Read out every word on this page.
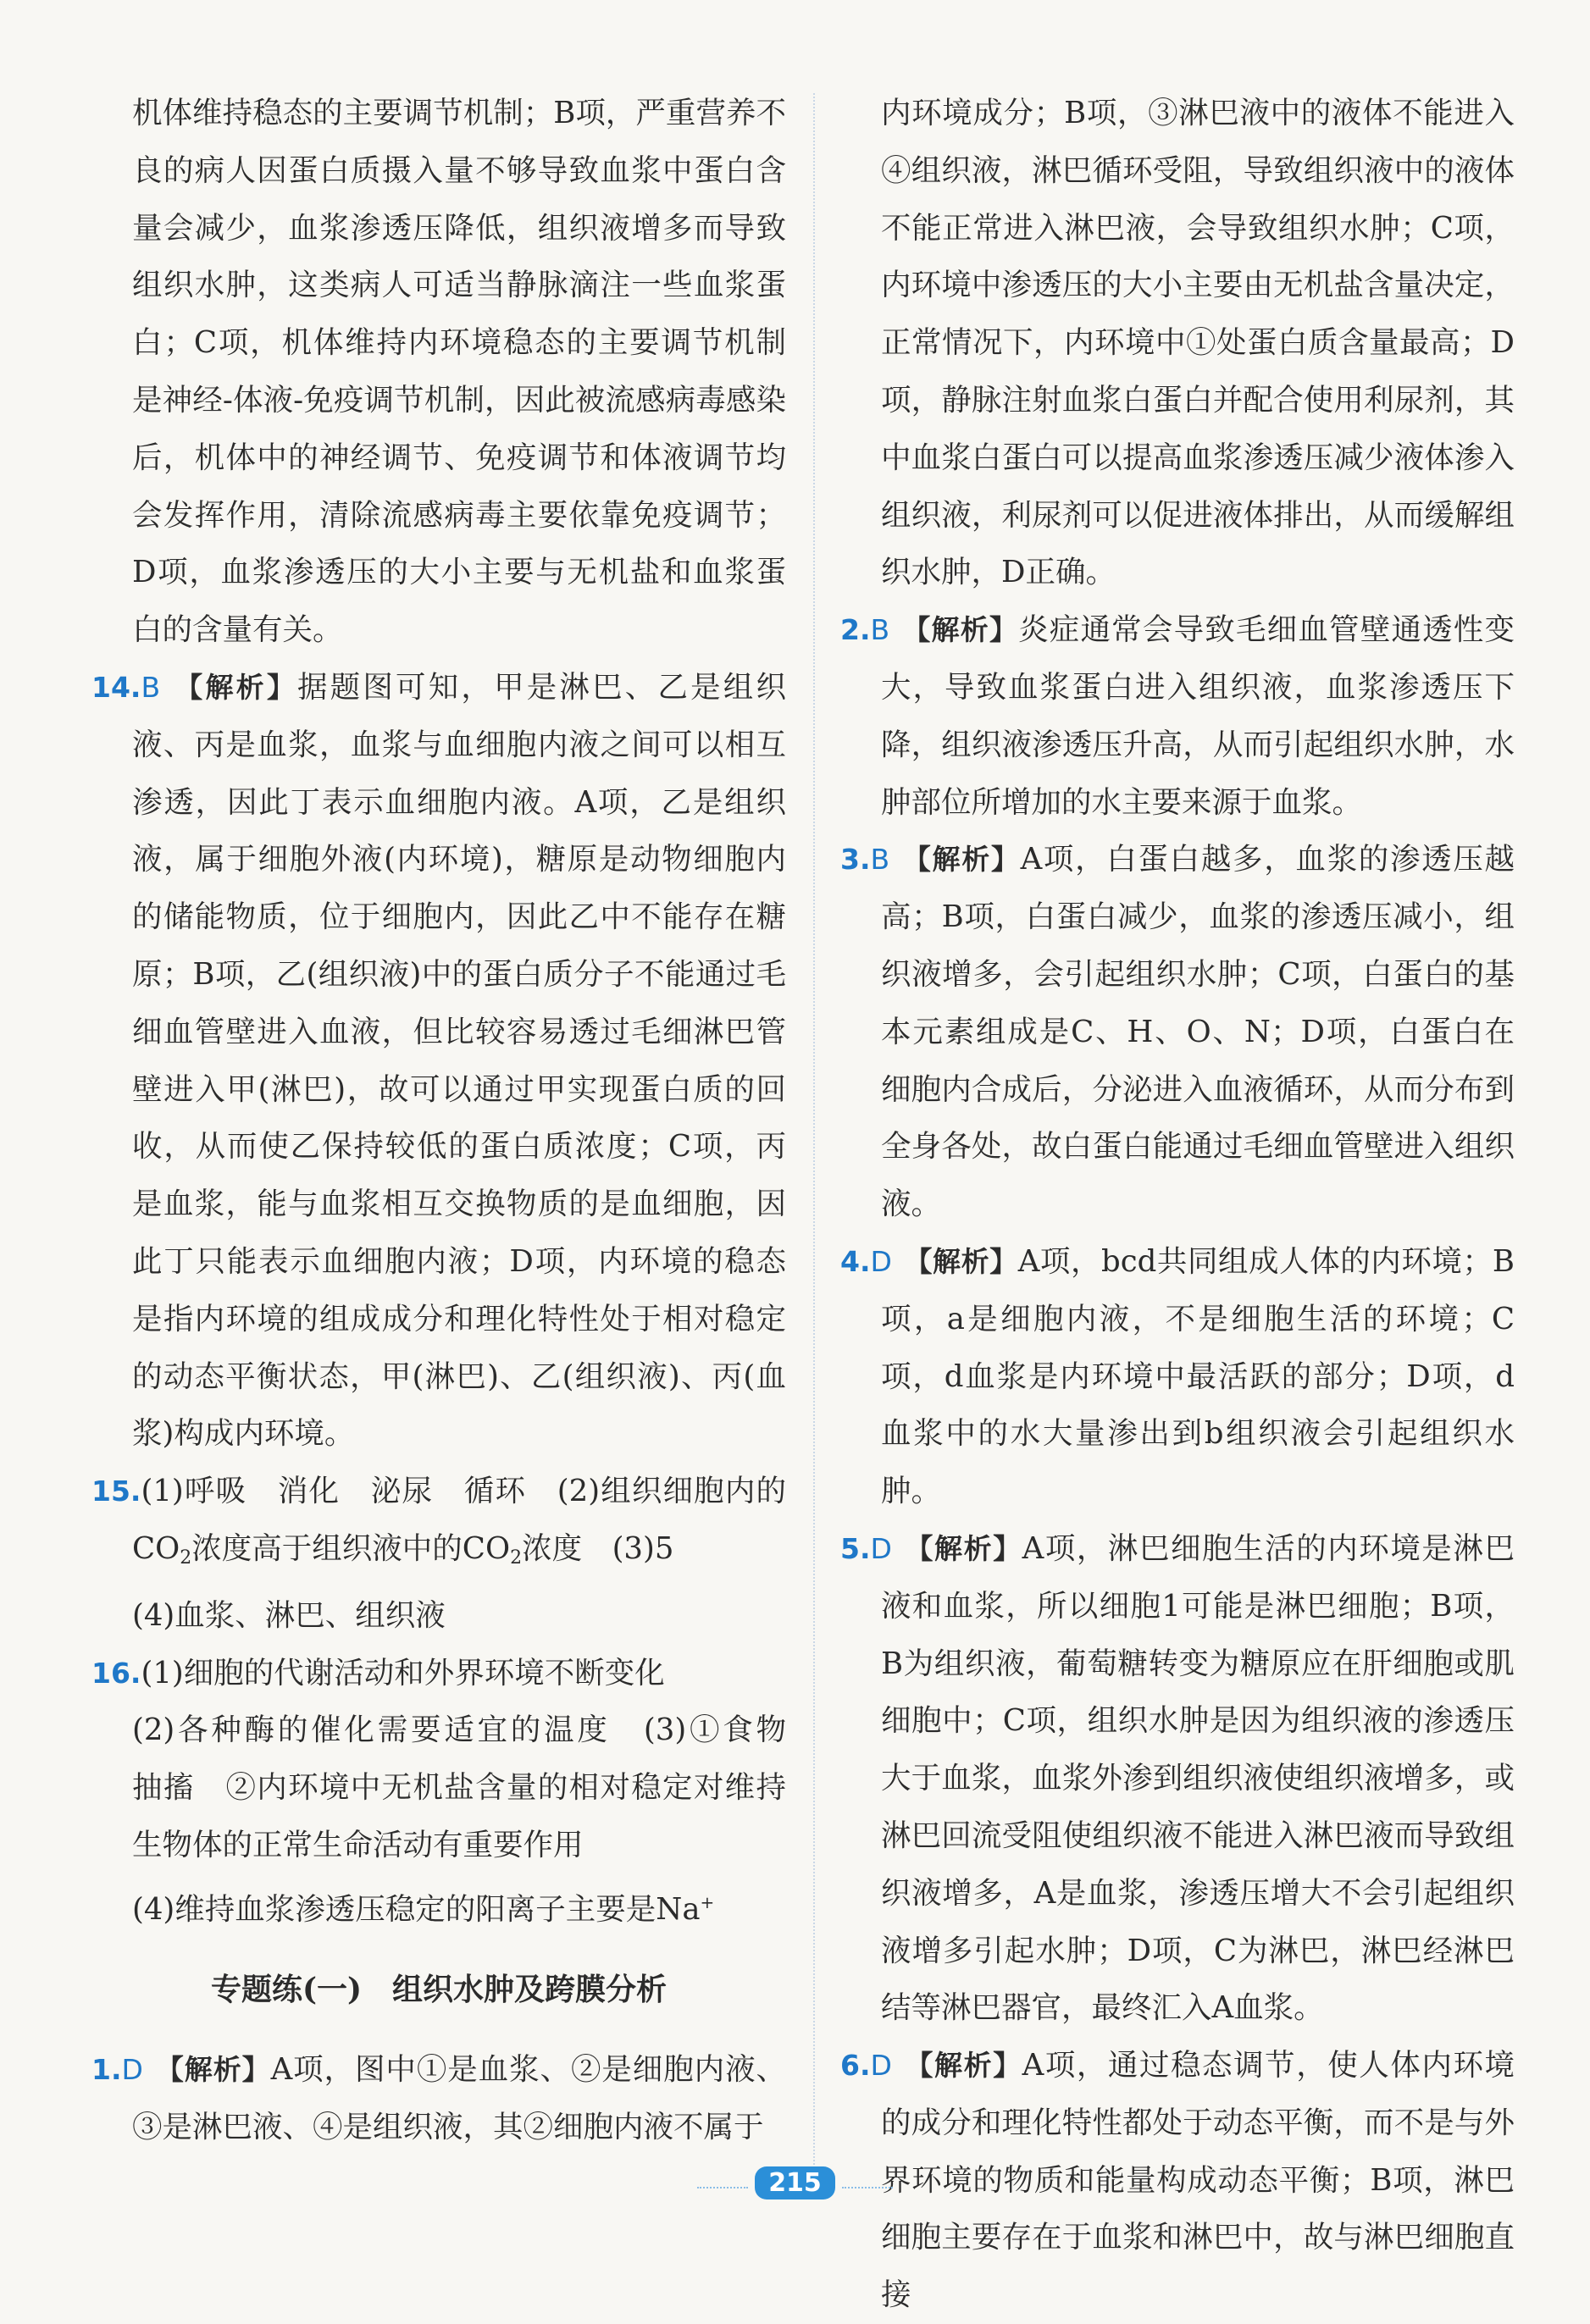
机体维持稳态的主要调节机制；B项，严重营养不良的病人因蛋白质摄入量不够导致血浆中蛋白含量会减少，血浆渗透压降低，组织液增多而导致组织水肿，这类病人可适当静脉滴注一些血浆蛋白；C项，机体维持内环境稳态的主要调节机制是神经-体液-免疫调节机制，因此被流感病毒感染后，机体中的神经调节、免疫调节和体液调节均会发挥作用，清除流感病毒主要依靠免疫调节；D项，血浆渗透压的大小主要与无机盐和血浆蛋白的含量有关。

14.B 【解析】据题图可知，甲是淋巴、乙是组织液、丙是血浆，血浆与血细胞内液之间可以相互渗透，因此丁表示血细胞内液。A项，乙是组织液，属于细胞外液(内环境)，糖原是动物细胞内的储能物质，位于细胞内，因此乙中不能存在糖原；B项，乙(组织液)中的蛋白质分子不能通过毛细血管壁进入血液，但比较容易透过毛细淋巴管壁进入甲(淋巴)，故可以通过甲实现蛋白质的回收，从而使乙保持较低的蛋白质浓度；C项，丙是血浆，能与血浆相互交换物质的是血细胞，因此丁只能表示血细胞内液；D项，内环境的稳态是指内环境的组成成分和理化特性处于相对稳定的动态平衡状态，甲(淋巴)、乙(组织液)、丙(血浆)构成内环境。

15.(1)呼吸　消化　泌尿　循环　(2)组织细胞内的$CO_2$浓度高于组织液中的$CO_2$浓度　(3)5

(4)血浆、淋巴、组织液

16.(1)细胞的代谢活动和外界环境不断变化

(2)各种酶的催化需要适宜的温度　(3)①食物　抽搐　②内环境中无机盐含量的相对稳定对维持生物体的正常生命活动有重要作用

(4)维持血浆渗透压稳定的阳离子主要是Na+

专题练(一)　组织水肿及跨膜分析

1.D 【解析】A项，图中①是血浆、②是细胞内液、③是淋巴液、④是组织液，其②细胞内液不属于

内环境成分；B项，③淋巴液中的液体不能进入④组织液，淋巴循环受阻，导致组织液中的液体不能正常进入淋巴液，会导致组织水肿；C项，内环境中渗透压的大小主要由无机盐含量决定，正常情况下，内环境中①处蛋白质含量最高；D项，静脉注射血浆白蛋白并配合使用利尿剂，其中血浆白蛋白可以提高血浆渗透压减少液体渗入组织液，利尿剂可以促进液体排出，从而缓解组织水肿，D正确。

2.B 【解析】炎症通常会导致毛细血管壁通透性变大，导致血浆蛋白进入组织液，血浆渗透压下降，组织液渗透压升高，从而引起组织水肿，水肿部位所增加的水主要来源于血浆。

3.B 【解析】A项，白蛋白越多，血浆的渗透压越高；B项，白蛋白减少，血浆的渗透压减小，组织液增多，会引起组织水肿；C项，白蛋白的基本元素组成是C、H、O、N；D项，白蛋白在细胞内合成后，分泌进入血液循环，从而分布到全身各处，故白蛋白能通过毛细血管壁进入组织液。

4.D 【解析】A项，bcd共同组成人体的内环境；B项，a是细胞内液，不是细胞生活的环境；C项，d血浆是内环境中最活跃的部分；D项，d血浆中的水大量渗出到b组织液会引起组织水肿。

5.D 【解析】A项，淋巴细胞生活的内环境是淋巴液和血浆，所以细胞1可能是淋巴细胞；B项，B为组织液，葡萄糖转变为糖原应在肝细胞或肌细胞中；C项，组织水肿是因为组织液的渗透压大于血浆，血浆外渗到组织液使组织液增多，或淋巴回流受阻使组织液不能进入淋巴液而导致组织液增多，A是血浆，渗透压增大不会引起组织液增多引起水肿；D项，C为淋巴，淋巴经淋巴结等淋巴器官，最终汇入A血浆。

6.D 【解析】A项，通过稳态调节，使人体内环境的成分和理化特性都处于动态平衡，而不是与外界环境的物质和能量构成动态平衡；B项，淋巴细胞主要存在于血浆和淋巴中，故与淋巴细胞直接

215
